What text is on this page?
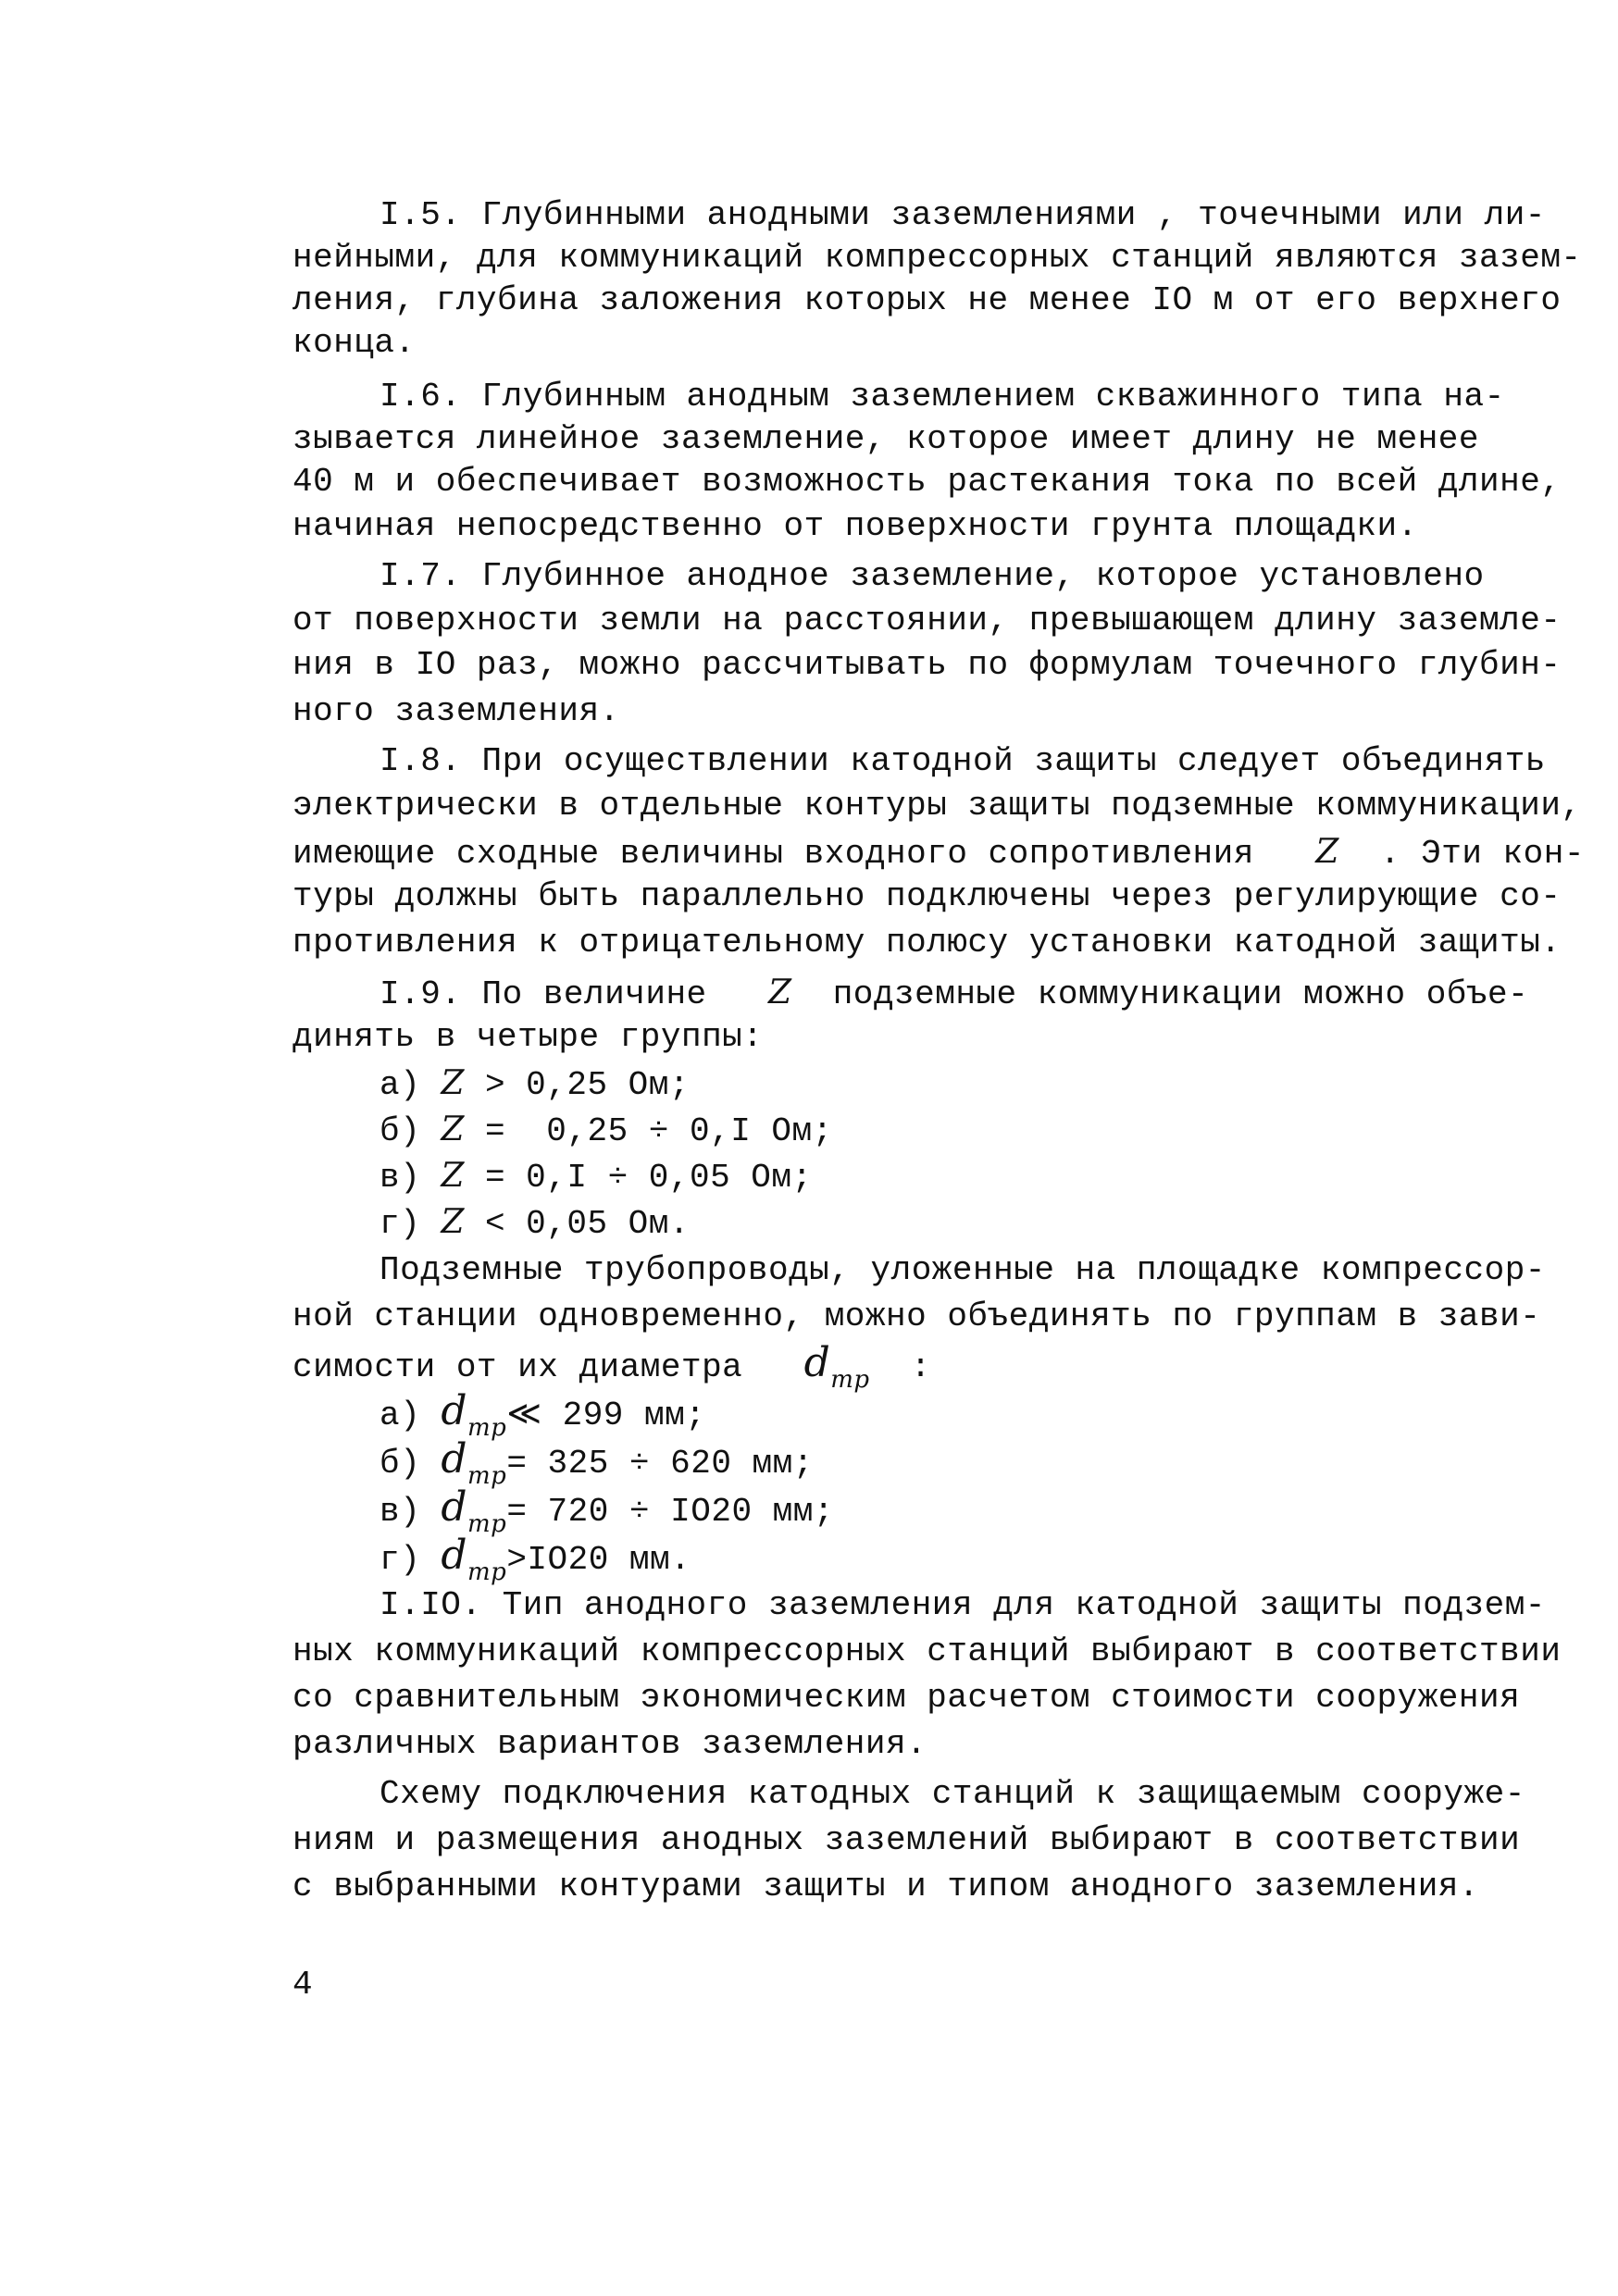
I.5. Глубинными анодными заземлениями , точечными или ли-
нейными, для коммуникаций компрессорных станций являются зазем-
ления, глубина заложения которых не менее IO м от его верхнего
конца.
I.6. Глубинным анодным заземлением скважинного типа на-
зывается линейное заземление, которое имеет длину не менее
40 м и обеспечивает возможность растекания тока по всей длине,
начиная непосредственно от поверхности грунта площадки.
I.7. Глубинное анодное заземление, которое установлено
от поверхности земли на расстоянии, превышающем длину заземле-
ния в IO раз, можно рассчитывать по формулам точечного глубин-
ного заземления.
I.8. При осуществлении катодной защиты следует объединять
электрически в отдельные контуры защиты подземные коммуникации,
имеющие сходные величины входного сопротивления Z . Эти кон-
туры должны быть параллельно подключены через регулирующие со-
противления к отрицательному полюсу установки катодной защиты.
I.9. По величине Z подземные коммуникации можно объе-
динять в четыре группы:
а) Z > 0,25 Ом;
б) Z =  0,25 ÷ 0,I Ом;
в) Z = 0,I ÷ 0,05 Ом;
г) Z < 0,05 Ом.
Подземные трубопроводы, уложенные на площадке компрессор-
ной станции одновременно, можно объединять по группам в зави-
симости от их диаметра $d_{тр}$ :
а) $d_{тр}≪$ 299 мм;
б) $d_{тр}= 325 \div 620$ мм;
в) $d_{тр}= 720 \div IO20$ мм;
г) $d_{тр}>IO20$ мм.
I.IO. Тип анодного заземления для катодной защиты подзем-
ных коммуникаций компрессорных станций выбирают в соответствии
со сравнительным экономическим расчетом стоимости сооружения
различных вариантов заземления.
Схему подключения катодных станций к защищаемым сооруже-
ниям и размещения анодных заземлений выбирают в соответствии
с выбранными контурами защиты и типом анодного заземления.
4
